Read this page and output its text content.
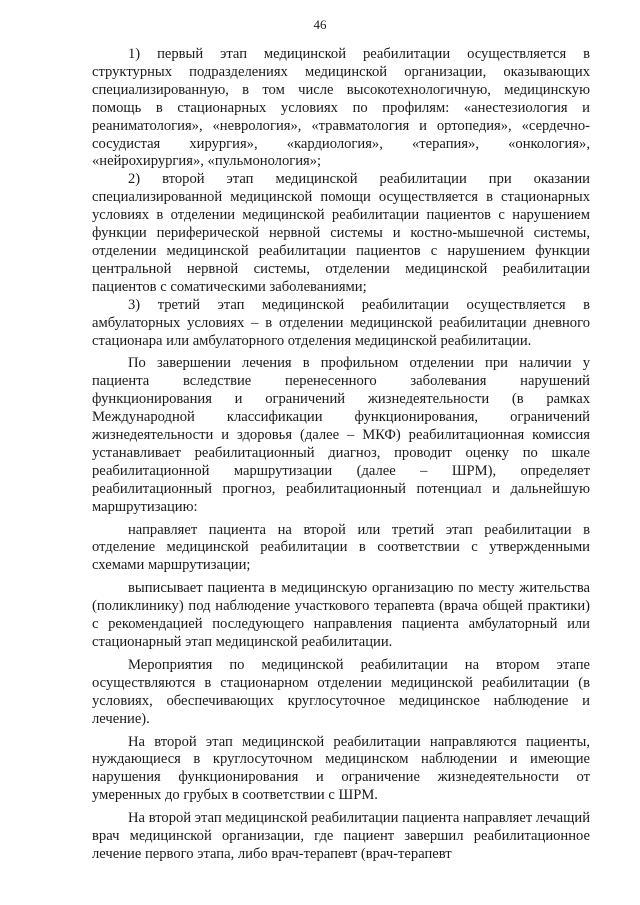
46

1) первый этап медицинской реабилитации осуществляется в структурных подразделениях медицинской организации, оказывающих специализированную, в том числе высокотехнологичную, медицинскую помощь в стационарных условиях по профилям: «анестезиология и реаниматология», «неврология», «травматология и ортопедия», «сердечно-сосудистая хирургия», «кардиология», «терапия», «онкология», «нейрохирургия», «пульмонология»;

2) второй этап медицинской реабилитации при оказании специализированной медицинской помощи осуществляется в стационарных условиях в отделении медицинской реабилитации пациентов с нарушением функции периферической нервной системы и костно-мышечной системы, отделении медицинской реабилитации пациентов с нарушением функции центральной нервной системы, отделении медицинской реабилитации пациентов с соматическими заболеваниями;

3) третий этап медицинской реабилитации осуществляется в амбулаторных условиях – в отделении медицинской реабилитации дневного стационара или амбулаторного отделения медицинской реабилитации.

По завершении лечения в профильном отделении при наличии у пациента вследствие перенесенного заболевания нарушений функционирования и ограничений жизнедеятельности (в рамках Международной классификации функционирования, ограничений жизнедеятельности и здоровья (далее – МКФ) реабилитационная комиссия устанавливает реабилитационный диагноз, проводит оценку по шкале реабилитационной маршрутизации (далее – ШРМ), определяет реабилитационный прогноз, реабилитационный потенциал и дальнейшую маршрутизацию:

направляет пациента на второй или третий этап реабилитации в отделение медицинской реабилитации в соответствии с утвержденными схемами маршрутизации;

выписывает пациента в медицинскую организацию по месту жительства (поликлинику) под наблюдение участкового терапевта (врача общей практики) с рекомендацией последующего направления пациента амбулаторный или стационарный этап медицинской реабилитации.

Мероприятия по медицинской реабилитации на втором этапе осуществляются в стационарном отделении медицинской реабилитации (в условиях, обеспечивающих круглосуточное медицинское наблюдение и лечение).

На второй этап медицинской реабилитации направляются пациенты, нуждающиеся в круглосуточном медицинском наблюдении и имеющие нарушения функционирования и ограничение жизнедеятельности от умеренных до грубых в соответствии с ШРМ.

На второй этап медицинской реабилитации пациента направляет лечащий врач медицинской организации, где пациент завершил реабилитационное лечение первого этапа, либо врач-терапевт (врач-терапевт
